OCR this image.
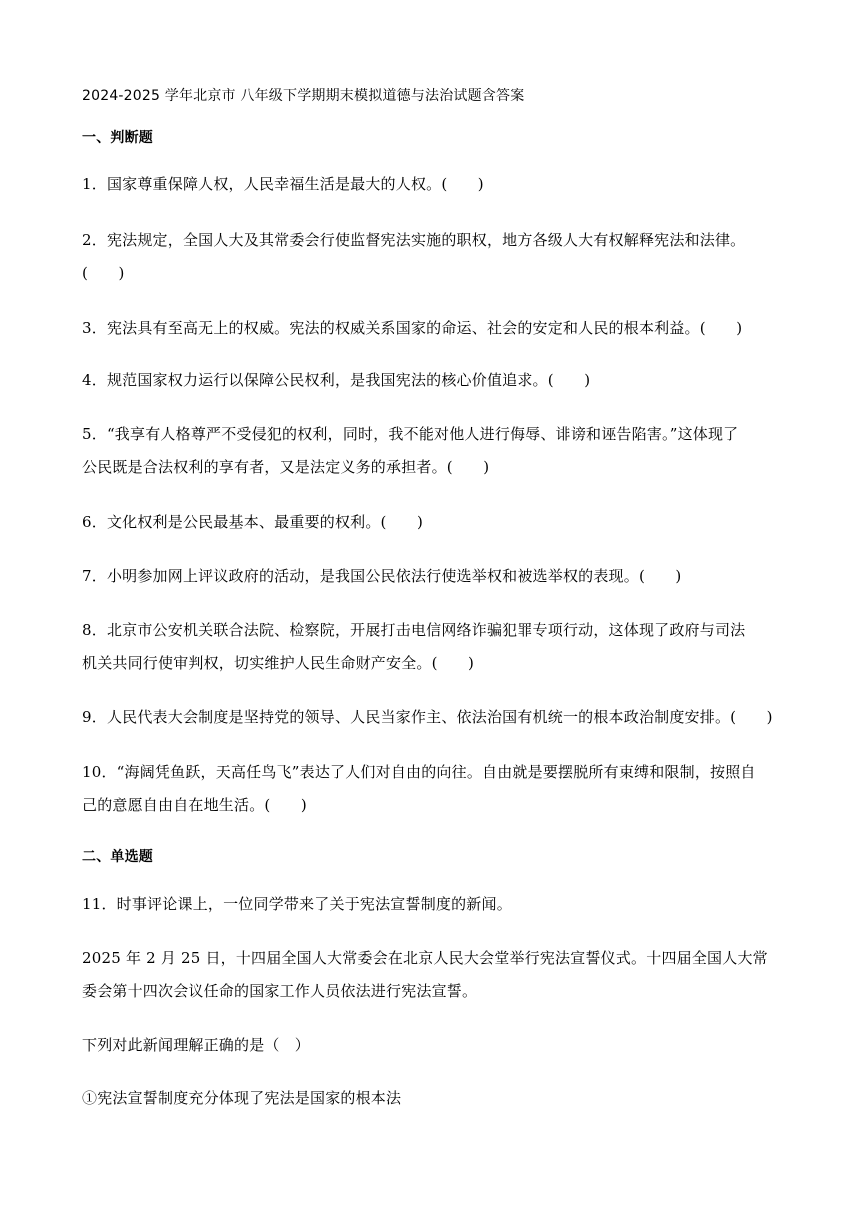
2024-2025 学年北京市 八年级下学期期末模拟道德与法治试题含答案
一、判断题
1．国家尊重保障人权，人民幸福生活是最大的人权。(　　)
2．宪法规定，全国人大及其常委会行使监督宪法实施的职权，地方各级人大有权解释宪法和法律。
(　　)
3．宪法具有至高无上的权威。宪法的权威关系国家的命运、社会的安定和人民的根本利益。(　　)
4．规范国家权力运行以保障公民权利，是我国宪法的核心价值追求。(　　)
5．“我享有人格尊严不受侵犯的权利，同时，我不能对他人进行侮辱、诽谤和诬告陷害。”这体现了
公民既是合法权利的享有者，又是法定义务的承担者。(　　)
6．文化权利是公民最基本、最重要的权利。(　　)
7．小明参加网上评议政府的活动，是我国公民依法行使选举权和被选举权的表现。(　　)
8．北京市公安机关联合法院、检察院，开展打击电信网络诈骗犯罪专项行动，这体现了政府与司法
机关共同行使审判权，切实维护人民生命财产安全。(　　)
9．人民代表大会制度是坚持党的领导、人民当家作主、依法治国有机统一的根本政治制度安排。(　　)
10．“海阔凭鱼跃，天高任鸟飞”表达了人们对自由的向往。自由就是要摆脱所有束缚和限制，按照自
己的意愿自由自在地生活。(　　)
二、单选题
11．时事评论课上，一位同学带来了关于宪法宣誓制度的新闻。
2025 年 2 月 25 日，十四届全国人大常委会在北京人民大会堂举行宪法宣誓仪式。十四届全国人大常
委会第十四次会议任命的国家工作人员依法进行宪法宣誓。
下列对此新闻理解正确的是（　）
①宪法宣誓制度充分体现了宪法是国家的根本法
